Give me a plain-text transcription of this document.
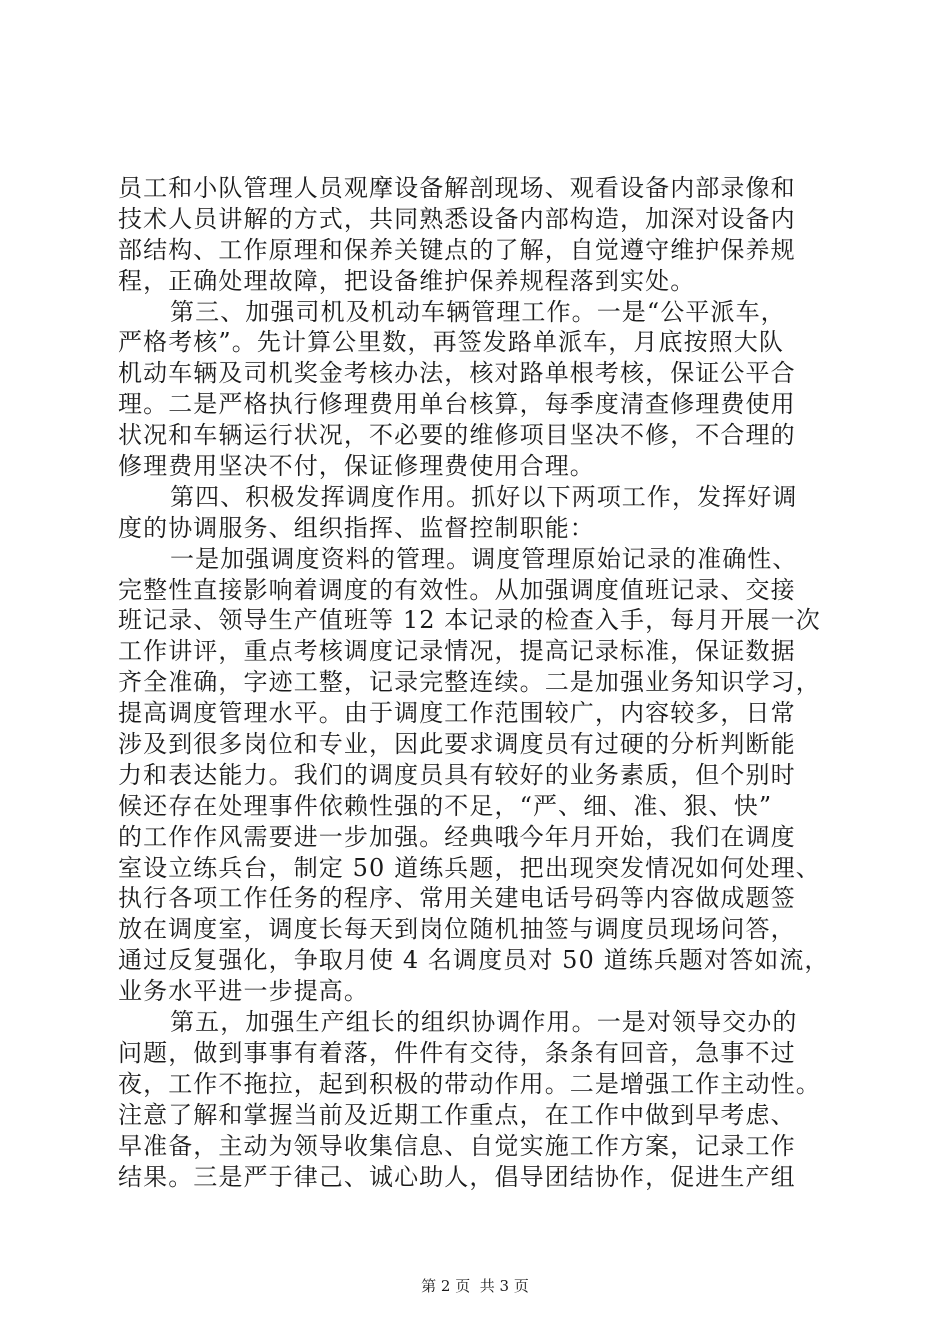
员工和小队管理人员观摩设备解剖现场、观看设备内部录像和
技术人员讲解的方式，共同熟悉设备内部构造，加深对设备内
部结构、工作原理和保养关键点的了解，自觉遵守维护保养规
程，正确处理故障，把设备维护保养规程落到实处。
第三、加强司机及机动车辆管理工作。一是“公平派车，
严格考核”。先计算公里数，再签发路单派车，月底按照大队
机动车辆及司机奖金考核办法，核对路单根考核，保证公平合
理。二是严格执行修理费用单台核算，每季度清查修理费使用
状况和车辆运行状况，不必要的维修项目坚决不修，不合理的
修理费用坚决不付，保证修理费使用合理。
第四、积极发挥调度作用。抓好以下两项工作，发挥好调
度的协调服务、组织指挥、监督控制职能：
一是加强调度资料的管理。调度管理原始记录的准确性、
完整性直接影响着调度的有效性。从加强调度值班记录、交接
班记录、领导生产值班等 12 本记录的检查入手，每月开展一次
工作讲评，重点考核调度记录情况，提高记录标准，保证数据
齐全准确，字迹工整，记录完整连续。二是加强业务知识学习，
提高调度管理水平。由于调度工作范围较广，内容较多，日常
涉及到很多岗位和专业，因此要求调度员有过硬的分析判断能
力和表达能力。我们的调度员具有较好的业务素质，但个别时
候还存在处理事件依赖性强的不足，“严、细、准、狠、快”
的工作作风需要进一步加强。经典哦今年月开始，我们在调度
室设立练兵台，制定 50 道练兵题，把出现突发情况如何处理、
执行各项工作任务的程序、常用关建电话号码等内容做成题签
放在调度室，调度长每天到岗位随机抽签与调度员现场问答，
通过反复强化，争取月使 4 名调度员对 50 道练兵题对答如流，
业务水平进一步提高。
第五，加强生产组长的组织协调作用。一是对领导交办的
问题，做到事事有着落，件件有交待，条条有回音，急事不过
夜，工作不拖拉，起到积极的带动作用。二是增强工作主动性。
注意了解和掌握当前及近期工作重点，在工作中做到早考虑、
早准备，主动为领导收集信息、自觉实施工作方案，记录工作
结果。三是严于律己、诚心助人，倡导团结协作，促进生产组
第 2 页  共 3 页
